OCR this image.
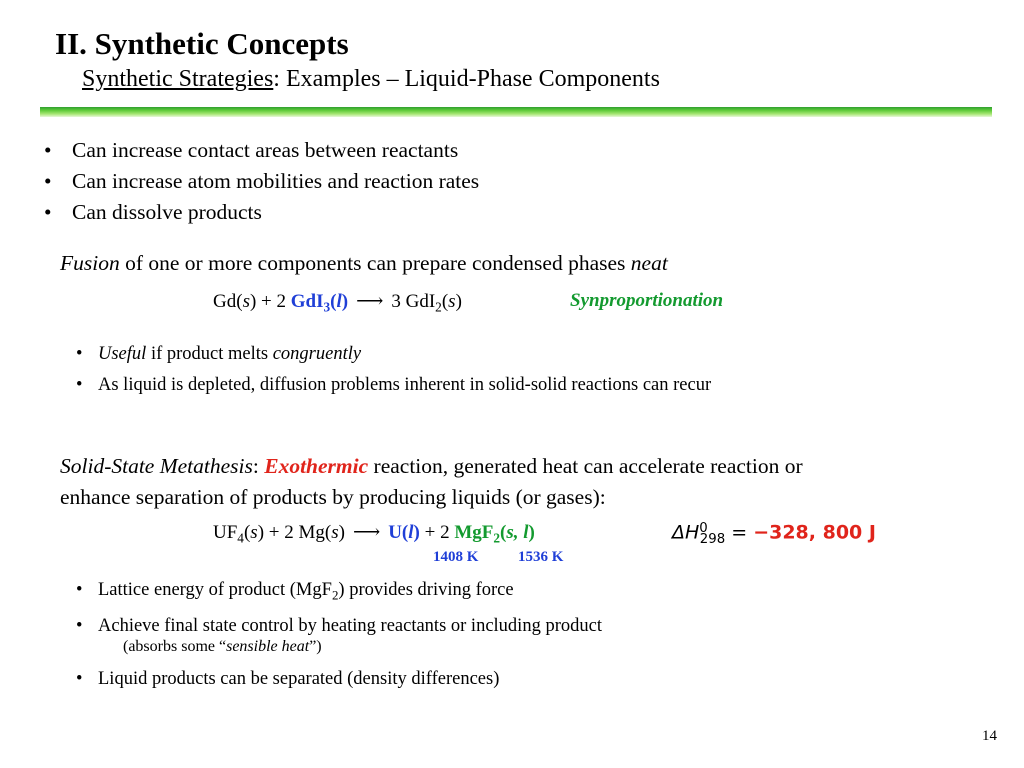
II. Synthetic Concepts
Synthetic Strategies: Examples – Liquid-Phase Components
• Can increase contact areas between reactants
• Can increase atom mobilities and reaction rates
• Can dissolve products
Fusion of one or more components can prepare condensed phases neat
Gd(s) + 2 GdI$_3$(l) ⟶ 3 GdI$_2$(s)	Synproportionation
• Useful if product melts congruently
• As liquid is depleted, diffusion problems inherent in solid-solid reactions can recur
Solid-State Metathesis: Exothermic reaction, generated heat can accelerate reaction or
enhance separation of products by producing liquids (or gases):
$UF_4(s) + 2$ Mg(s) ⟶ U(l) + 2 MgF$_2$(s, l)
1408 K	1536 K
$\Delta H^0_{298} = -328$, 800 J
• Lattice energy of product (MgF$_2$) provides driving force
• Achieve final state control by heating reactants or including product
(absorbs some “sensible heat”)
• Liquid products can be separated (density differences)
14
